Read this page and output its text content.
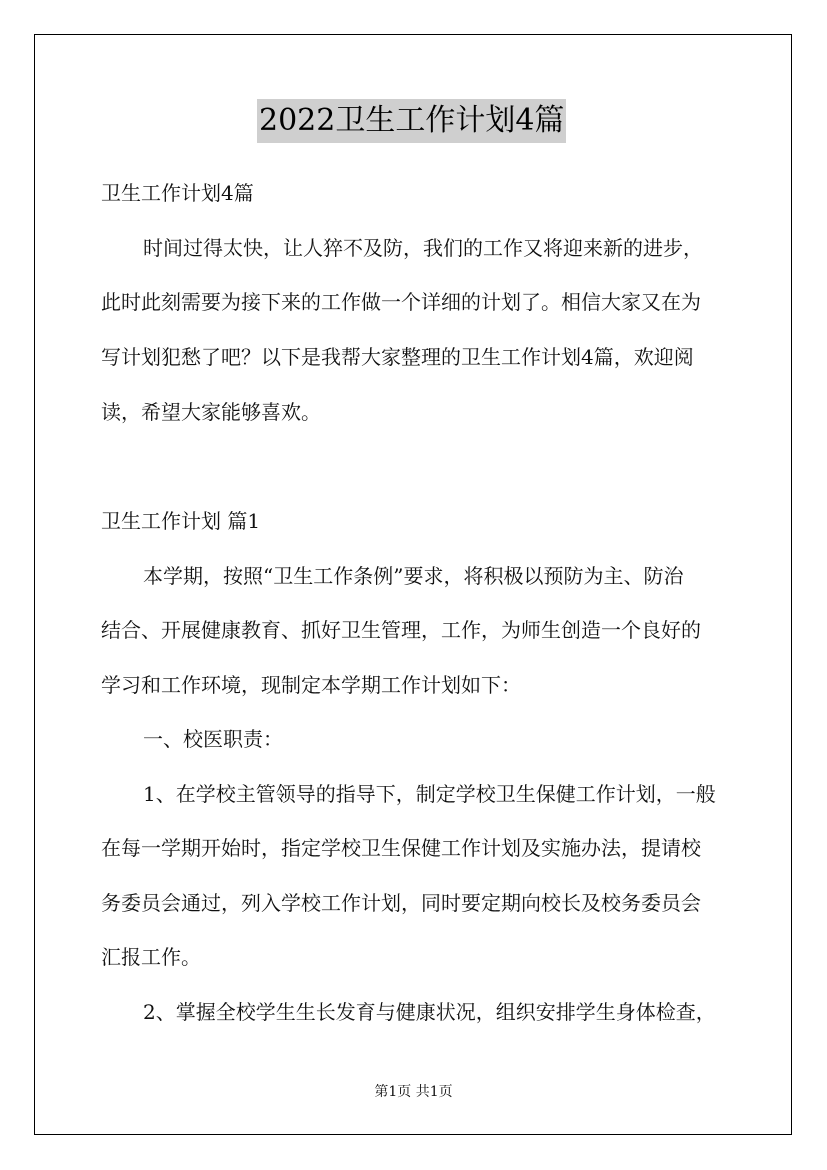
2022卫生工作计划4篇
卫生工作计划4篇
时间过得太快，让人猝不及防，我们的工作又将迎来新的进步，
此时此刻需要为接下来的工作做一个详细的计划了。相信大家又在为
写计划犯愁了吧？以下是我帮大家整理的卫生工作计划4篇，欢迎阅
读，希望大家能够喜欢。
卫生工作计划 篇1
本学期，按照“卫生工作条例”要求，将积极以预防为主、防治
结合、开展健康教育、抓好卫生管理，工作，为师生创造一个良好的
学习和工作环境，现制定本学期工作计划如下：
一、校医职责：
1、在学校主管领导的指导下，制定学校卫生保健工作计划，一般
在每一学期开始时，指定学校卫生保健工作计划及实施办法，提请校
务委员会通过，列入学校工作计划，同时要定期向校长及校务委员会
汇报工作。
2、掌握全校学生生长发育与健康状况，组织安排学生身体检查，
第1页 共1页
